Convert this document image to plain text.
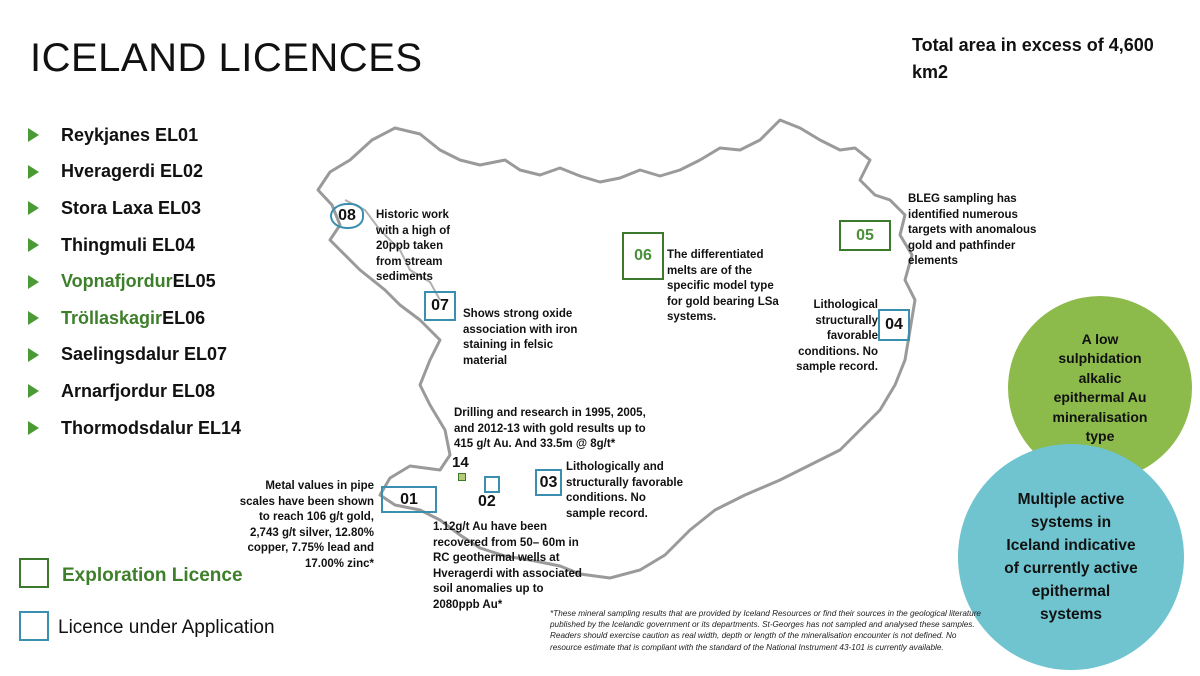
ICELAND LICENCES	Total area in excess of 4,600 km2
Reykjanes EL01
Hveragerdi EL02
Stora Laxa EL03
Thingmuli EL04
Vopnafjordur EL05
Tröllaskagir EL06
Saelingsdalur EL07
Arnarfjordur EL08
Thormodsdalur EL14
08
07
06
05
04
01	02
03
14
Historic work with a high of 20ppb taken from stream sediments
Shows strong oxide association with iron staining in felsic material
The differentiated melts are of the specific model type for gold bearing LSa systems.
BLEG sampling has identified numerous targets with anomalous gold and pathfinder elements
Lithological structurally favorable conditions. No sample record.
Drilling and research in 1995, 2005, and 2012-13 with gold results up to 415 g/t Au. And 33.5m @ 8g/t*
Lithologically and structurally favorable conditions. No sample record.
Metal values in pipe scales have been shown to reach 106 g/t gold, 2,743 g/t silver, 12.80% copper, 7.75% lead and 17.00% zinc*
1.12g/t Au have been recovered from 50– 60m in RC geothermal wells at Hveragerdi with associated soil anomalies up to 2080ppb Au*
A low sulphidation alkalic epithermal Au mineralisation type
Multiple active systems in Iceland indicative of currently active epithermal systems
Exploration Licence
Licence under Application
*These mineral sampling results that are provided by Iceland Resources or find their sources in the geological literature published by the Icelandic government or its departments. St-Georges has not sampled and analysed these samples. Readers should exercise caution as real width, depth or length of the mineralisation encounter is not defined. No resource estimate that is compliant with the standard of the National Instrument 43-101 is currently available.
